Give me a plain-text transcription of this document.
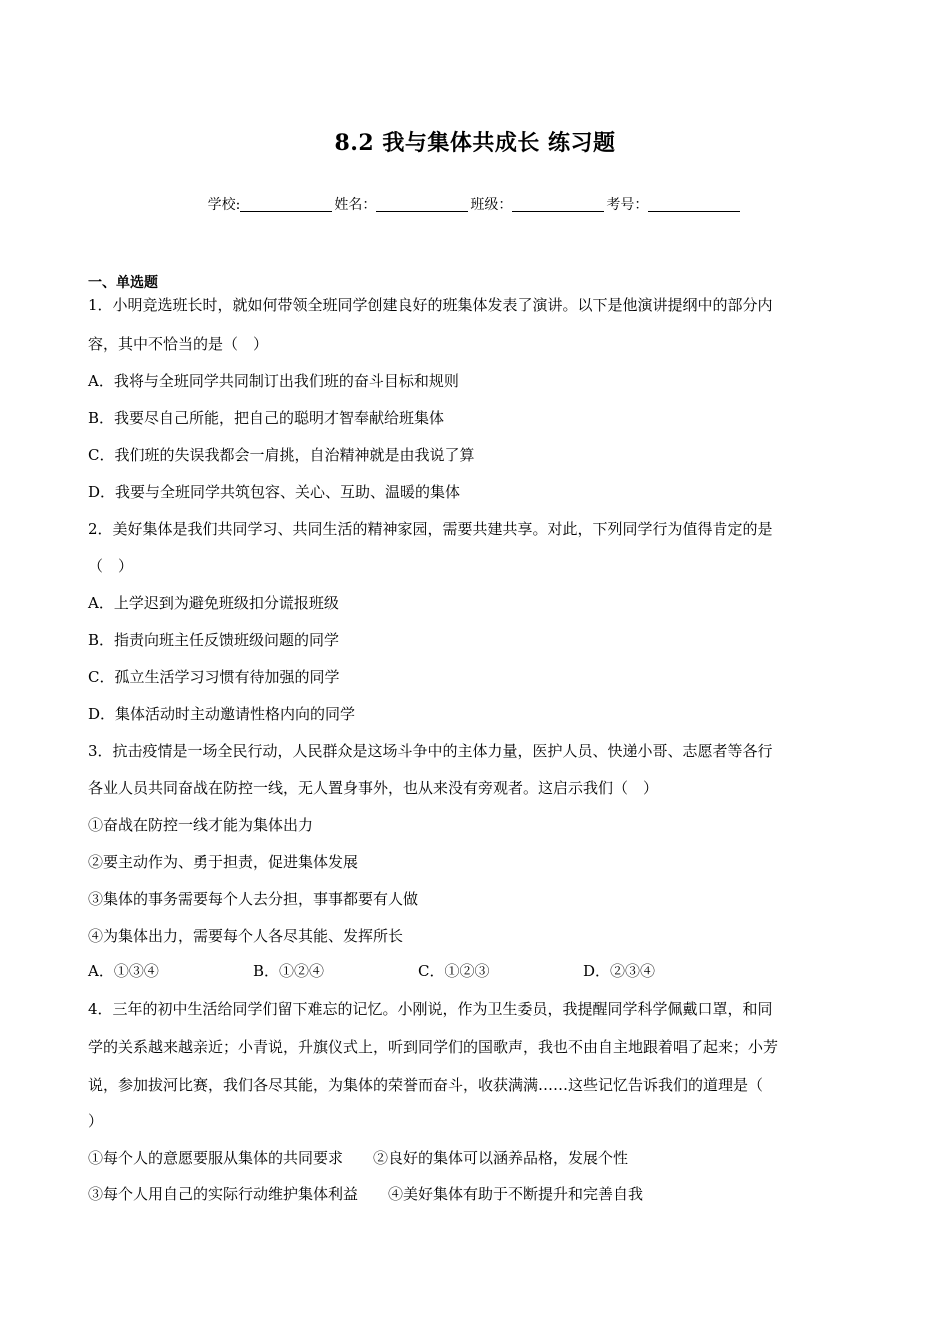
8.2 我与集体共成长 练习题
学校:	姓名：	班级：	考号：
一、单选题
1．小明竞选班长时，就如何带领全班同学创建良好的班集体发表了演讲。以下是他演讲提纲中的部分内
容，其中不恰当的是（　）
A．我将与全班同学共同制订出我们班的奋斗目标和规则
B．我要尽自己所能，把自己的聪明才智奉献给班集体
C．我们班的失误我都会一肩挑，自治精神就是由我说了算
D．我要与全班同学共筑包容、关心、互助、温暖的集体
2．美好集体是我们共同学习、共同生活的精神家园，需要共建共享。对此，下列同学行为值得肯定的是
（　）
A．上学迟到为避免班级扣分谎报班级
B．指责向班主任反馈班级问题的同学
C．孤立生活学习习惯有待加强的同学
D．集体活动时主动邀请性格内向的同学
3．抗击疫情是一场全民行动，人民群众是这场斗争中的主体力量，医护人员、快递小哥、志愿者等各行
各业人员共同奋战在防控一线，无人置身事外，也从来没有旁观者。这启示我们（　）
①奋战在防控一线才能为集体出力
②要主动作为、勇于担责，促进集体发展
③集体的事务需要每个人去分担，事事都要有人做
④为集体出力，需要每个人各尽其能、发挥所长
A．①③④	B．①②④	C．①②③	D．②③④
4．三年的初中生活给同学们留下难忘的记忆。小刚说，作为卫生委员，我提醒同学科学佩戴口罩，和同
学的关系越来越亲近；小青说，升旗仪式上，听到同学们的国歌声，我也不由自主地跟着唱了起来；小芳
说，参加拔河比赛，我们各尽其能，为集体的荣誉而奋斗，收获满满……这些记忆告诉我们的道理是（
）
①每个人的意愿要服从集体的共同要求　　②良好的集体可以涵养品格，发展个性
③每个人用自己的实际行动维护集体利益　　④美好集体有助于不断提升和完善自我
